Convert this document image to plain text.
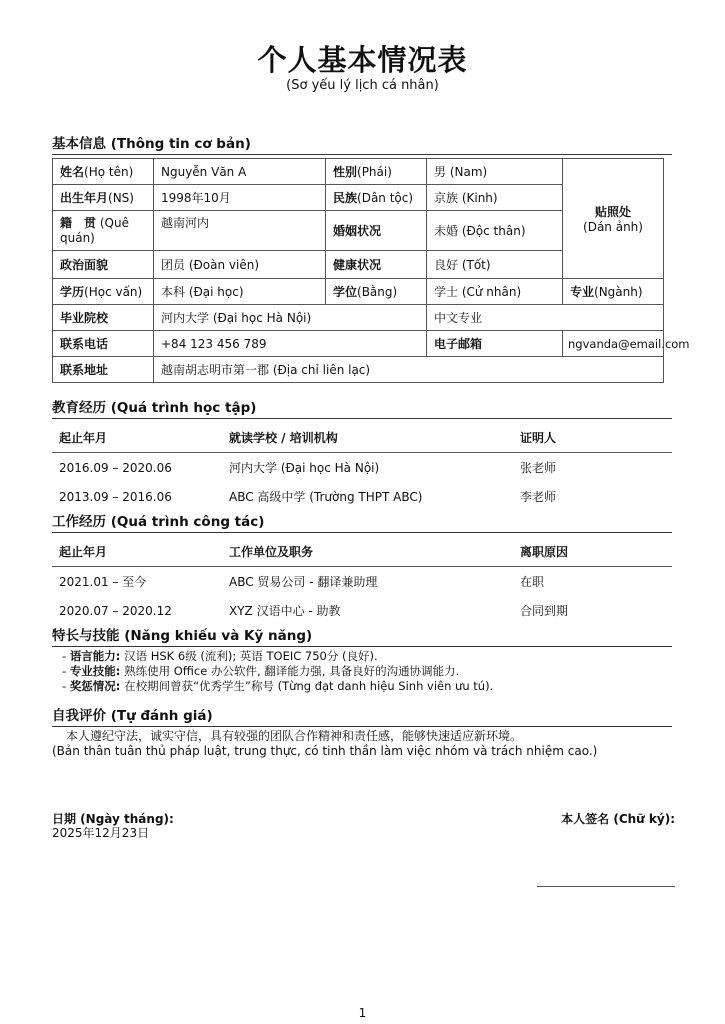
个人基本情况表
(Sơ yếu lý lịch cá nhân)
基本信息 (Thông tin cơ bản)
姓名(Họ tên)	Nguyễn Văn A	性别(Phái)	男 (Nam)	贴照处
(Dán ảnh)
出生年月(NS)	1998年10月	民族(Dân tộc)	京族 (Kinh)	
籍　贯 (Quê quán)	越南河内	婚姻状况	未婚 (Độc thân)	
政治面貌	团员 (Đoàn viên)	健康状况	良好 (Tốt)	
学历(Học vấn)	本科 (Đại học)	学位(Bằng)	学士 (Cử nhân)	专业(Ngành)
毕业院校	河内大学 (Đại học Hà Nội)		中文专业	
联系电话	+84 123 456 789		电子邮箱	ngvanda@email.com
联系地址	越南胡志明市第一郡 (Địa chỉ liên lạc)			
教育经历 (Quá trình học tập)
起止年月	就读学校 / 培训机构	证明人
2016.09 – 2020.06	河内大学 (Đại học Hà Nội)	张老师
2013.09 – 2016.06	ABC 高级中学 (Trường THPT ABC)	李老师
工作经历 (Quá trình công tác)
起止年月	工作单位及职务	离职原因
2021.01 – 至今	ABC 贸易公司 - 翻译兼助理	在职
2020.07 – 2020.12	XYZ 汉语中心 - 助教	合同到期
特长与技能 (Năng khiếu và Kỹ năng)
- 语言能力: 汉语 HSK 6级 (流利); 英语 TOEIC 750分 (良好).
- 专业技能: 熟练使用 Office 办公软件, 翻译能力强, 具备良好的沟通协调能力.
- 奖惩情况: 在校期间曾获“优秀学生”称号 (Từng đạt danh hiệu Sinh viên ưu tú).
自我评价 (Tự đánh giá)

本人遵纪守法，诚实守信，具有较强的团队合作精神和责任感，能够快速适应新环境。

(Bản thân tuân thủ pháp luật, trung thực, có tinh thần làm việc nhóm và trách nhiệm cao.)

日期 (Ngày tháng):
2025年12月23日
本人签名 (Chữ ký):
1
